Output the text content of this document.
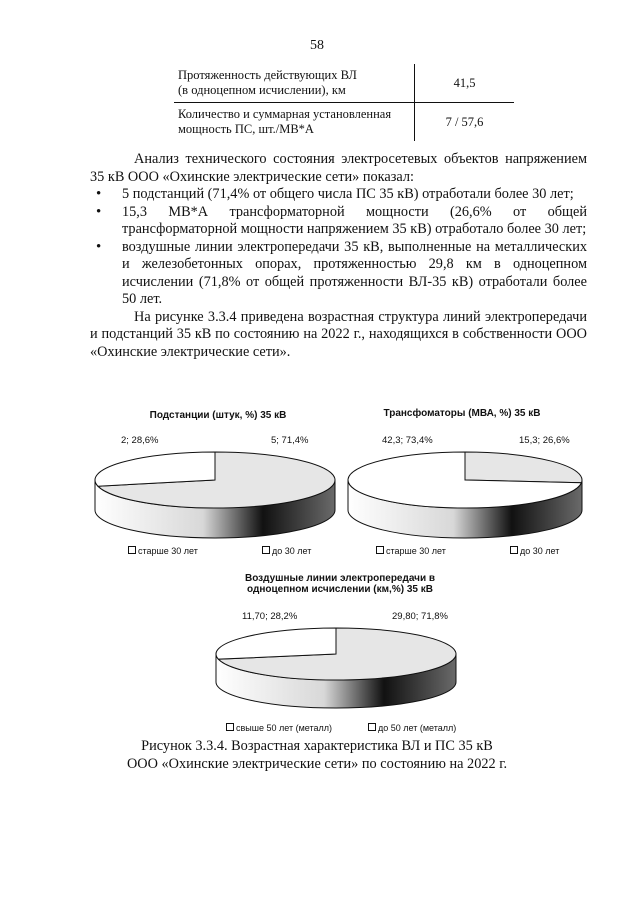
58
Протяженность действующих ВЛ
(в одноцепном исчислении), км	41,5

Количество и суммарная установленная
мощность ПС, шт./МВ*А	7 / 57,6

Анализ технического состояния электросетевых объектов напряжением 35 кВ ООО «Охинские электрические сети» показал:

• 5 подстанций (71,4% от общего числа ПС 35 кВ) отработали более 30 лет;
• 15,3 МВ*А трансформаторной мощности (26,6% от общей трансформаторной мощности напряжением 35 кВ) отработало более 30 лет;
• воздушные линии электропередачи 35 кВ, выполненные на металлических и железобетонных опорах, протяженностью 29,8 км в одноцепном исчислении (71,8% от общей протяженности ВЛ-35 кВ) отработали более 50 лет.

На рисунке 3.3.4 приведена возрастная структура линий электропередачи и подстанций 35 кВ по состоянию на 2022 г., находящихся в собственности ООО «Охинские электрические сети».

Подстанции (штук, %) 35 кВ
2; 28,6%	5; 71,4%
старше 30 лет	до 30 лет
Трансфоматоры (МВА, %) 35 кВ
42,3; 73,4%	15,3; 26,6%
старше 30 лет	до 30 лет
Воздушные линии электропередачи в
одноцепном исчислении (км,%) 35 кВ
11,70; 28,2%	29,80; 71,8%
свыше 50 лет (металл)	до 50 лет (металл)
Рисунок 3.3.4. Возрастная характеристика ВЛ и ПС 35 кВ
ООО «Охинские электрические сети» по состоянию на 2022 г.
